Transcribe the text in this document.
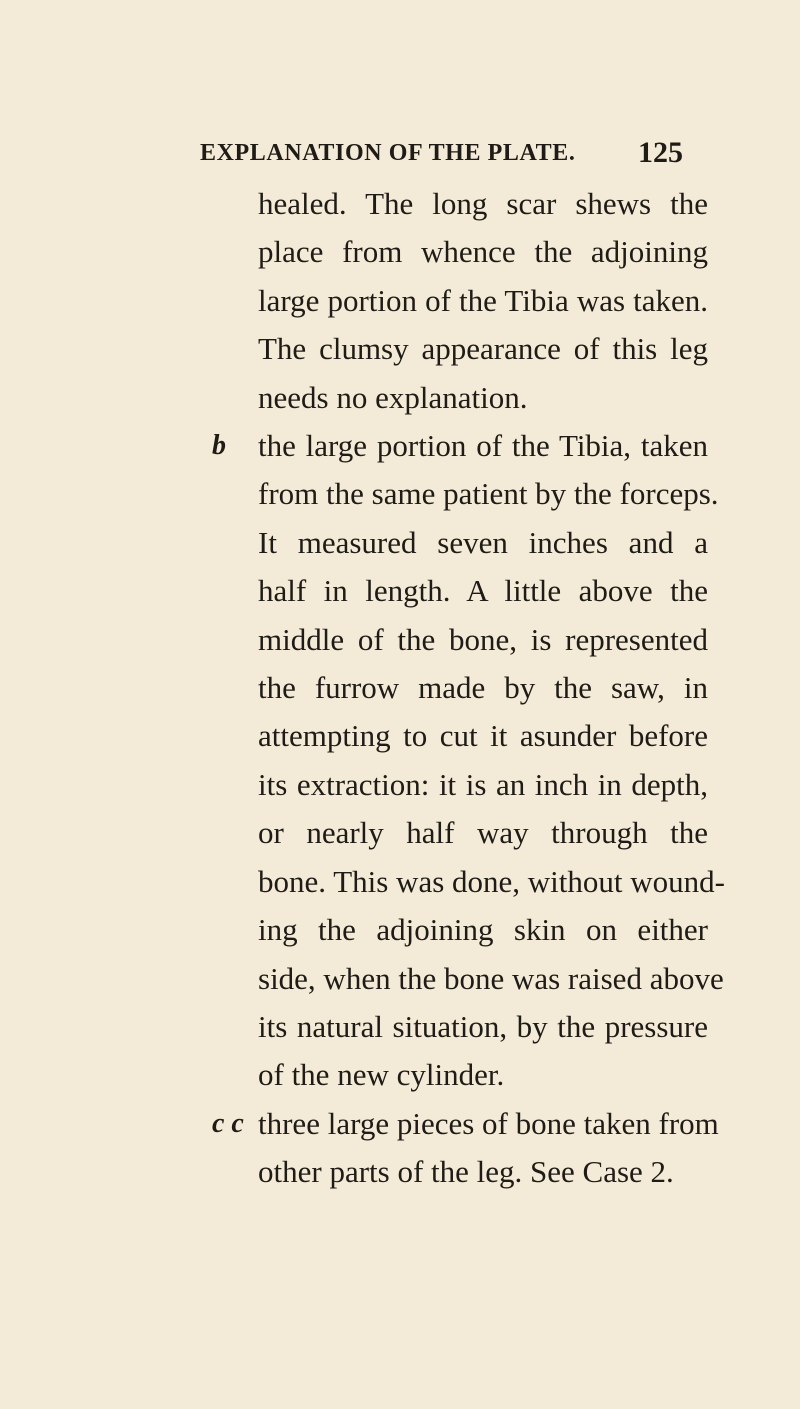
EXPLANATION OF THE PLATE. 125
healed. The long scar shews the
place from whence the adjoining
large portion of the Tibia was taken.
The clumsy appearance of this leg
needs no explanation.
b the large portion of the Tibia, taken
from the same patient by the forceps.
It measured seven inches and a
half in length. A little above the
middle of the bone, is represented
the furrow made by the saw, in
attempting to cut it asunder before
its extraction: it is an inch in depth,
or nearly half way through the
bone. This was done, without wound-
ing the adjoining skin on either
side, when the bone was raised above
its natural situation, by the pressure
of the new cylinder.
c c three large pieces of bone taken from
other parts of the leg. See Case 2.
